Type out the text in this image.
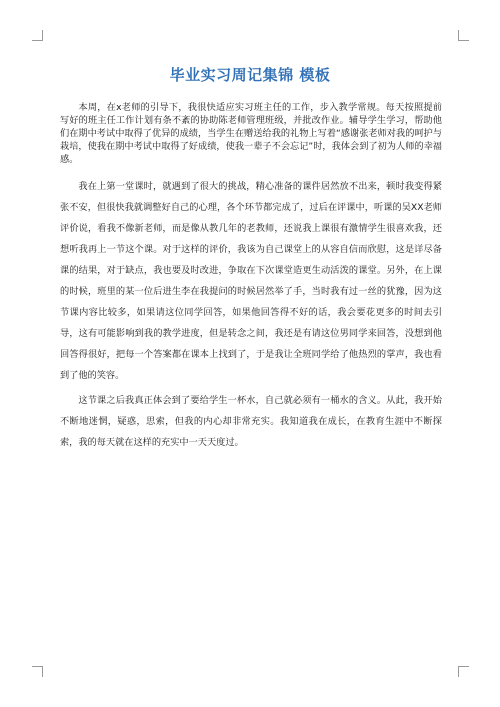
毕业实习周记集锦 模板

本周，在x老师的引导下，我很快适应实习班主任的工作，步入教学常规。每天按照提前写好的班主任工作计划有条不紊的协助陈老师管理班级，并批改作业。辅导学生学习，帮助他们在期中考试中取得了优异的成绩，当学生在赠送给我的礼物上写着“感谢张老师对我的呵护与栽培，使我在期中考试中取得了好成绩，使我一辈子不会忘记”时，我体会到了初为人师的幸福感。

我在上第一堂课时，就遇到了很大的挑战，精心准备的课件居然放不出来，顿时我变得紧张不安，但很快我就调整好自己的心理，各个环节都完成了，过后在评课中，听课的吴XX老师评价说，看我不像新老师，而是像从教几年的老教师，还说我上课很有激情学生很喜欢我，还想听我再上一节这个课。对于这样的评价，我该为自己课堂上的从容自信而欣慰，这是详尽备课的结果，对于缺点，我也要及时改进，争取在下次课堂造更生动活泼的课堂。另外，在上课的时候，班里的某一位后进生李在我提问的时候居然举了手，当时我有过一丝的犹豫，因为这节课内容比较多，如果请这位同学回答，如果他回答得不好的话，我会要花更多的时间去引导，这有可能影响到我的教学进度，但是转念之间，我还是有请这位男同学来回答，没想到他回答得很好，把每一个答案都在课本上找到了，于是我让全班同学给了他热烈的掌声，我也看到了他的笑容。

这节课之后我真正体会到了要给学生一杯水，自己就必须有一桶水的含义。从此，我开始不断地迷惘，疑惑，思索，但我的内心却非常充实。我知道我在成长，在教育生涯中不断探索，我的每天就在这样的充实中一天天度过。
